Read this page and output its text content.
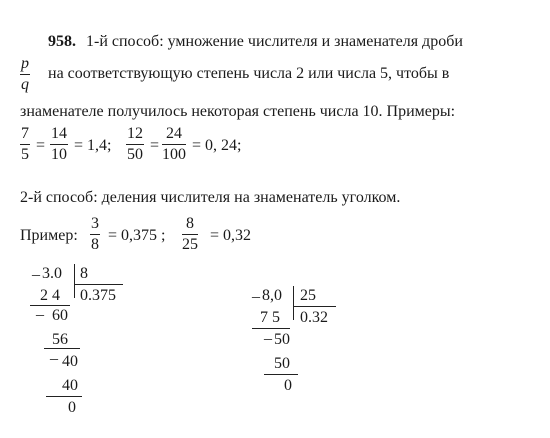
958. 1-й способ: умножение числителя и знаменателя дроби
$\frac{p}{q}$ на соответствующую степень числа 2 или числа 5, чтобы в
знаменателе получилось некоторая степень числа 10. Примеры:
$\frac{7}{5} = \frac{14}{10} = 1,4$; $\frac{12}{50} = \frac{24}{100} = 0$, 24;
2-й способ: деления числителя на знаменатель уголком.
Пример: $\frac{3}{8} = 0,375$ ; $\frac{8}{25} = 0,32$
_ 3.0 8
0.375
2 4
_ 60
56
_ 40
40
0
_ 8,0 25
0.32
7 5
_ 50
50
0
